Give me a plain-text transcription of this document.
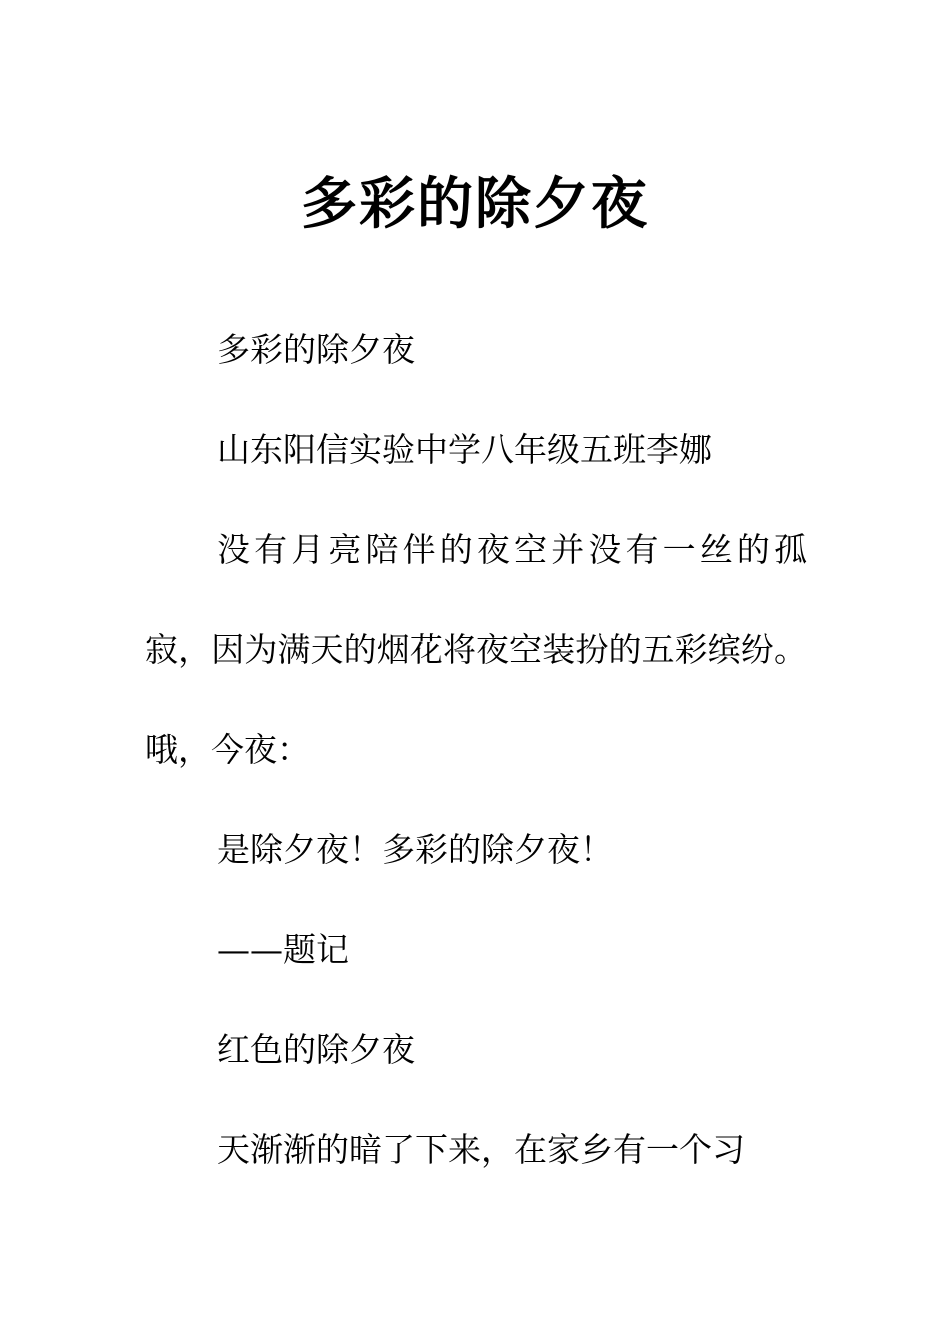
多彩的除夕夜

多彩的除夕夜

山东阳信实验中学八年级五班李娜

没有月亮陪伴的夜空并没有一丝的孤寂，因为满天的烟花将夜空装扮的五彩缤纷。哦，今夜：

是除夕夜！多彩的除夕夜！

——题记

红色的除夕夜

天渐渐的暗了下来，在家乡有一个习
